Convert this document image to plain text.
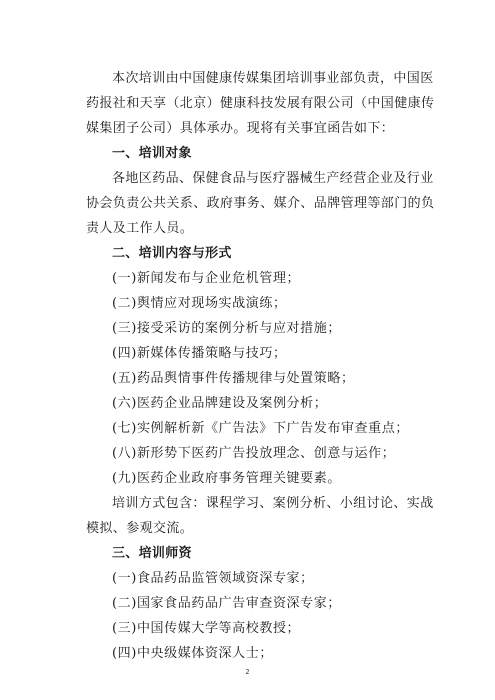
本次培训由中国健康传媒集团培训事业部负责，中国医
药报社和天享（北京）健康科技发展有限公司（中国健康传
媒集团子公司）具体承办。现将有关事宜函告如下：
一、培训对象
各地区药品、保健食品与医疗器械生产经营企业及行业
协会负责公共关系、政府事务、媒介、品牌管理等部门的负
责人及工作人员。
二、培训内容与形式
(一)新闻发布与企业危机管理；
(二)舆情应对现场实战演练；
(三)接受采访的案例分析与应对措施；
(四)新媒体传播策略与技巧；
(五)药品舆情事件传播规律与处置策略；
(六)医药企业品牌建设及案例分析；
(七)实例解析新《广告法》下广告发布审查重点；
(八)新形势下医药广告投放理念、创意与运作；
(九)医药企业政府事务管理关键要素。
培训方式包含：课程学习、案例分析、小组讨论、实战
模拟、参观交流。
三、培训师资
(一)食品药品监管领域资深专家；
(二)国家食品药品广告审查资深专家；
(三)中国传媒大学等高校教授；
(四)中央级媒体资深人士；
2
